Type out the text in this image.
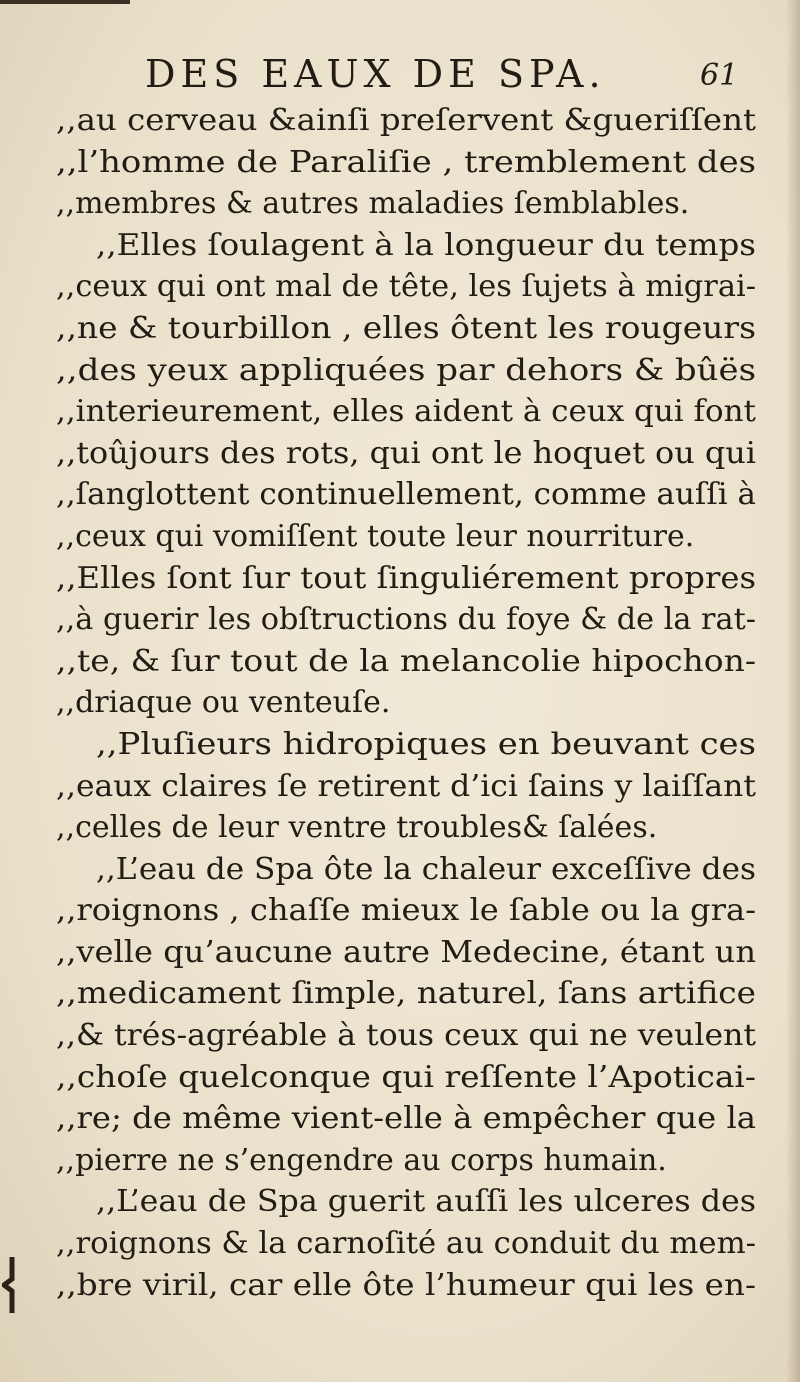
DES EAUX DE SPA.	61
,,au cerveau &ainſi preſervent &gueriſſent
,,l’homme de Paraliſie , tremblement des
,,membres & autres maladies ſemblables.
,,Elles ſoulagent à la longueur du temps
,,ceux qui ont mal de tête, les ſujets à migrai-
,,ne & tourbillon , elles ôtent les rougeurs
,,des yeux appliquées par dehors & bûës
,,interieurement, elles aident à ceux qui font
,,toûjours des rots, qui ont le hoquet ou qui
,,ſanglottent continuellement, comme auſſi à
,,ceux qui vomiſſent toute leur nourriture.
,,Elles ſont ſur tout ſinguliérement propres
,,à guerir les obſtructions du foye & de la rat-
,,te, & ſur tout de la melancolie hipochon-
,,driaque ou venteuſe.
,,Pluſieurs hidropiques en beuvant ces
,,eaux claires ſe retirent d’ici ſains y laiſſant
,,celles de leur ventre troubles& ſalées.
,,L’eau de Spa ôte la chaleur exceſſive des
,,roignons , chaſſe mieux le ſable ou la gra-
,,velle qu’aucune autre Medecine, étant un
,,medicament ſimple, naturel, ſans artifice
,,& trés-agréable à tous ceux qui ne veulent
,,choſe quelconque qui reſſente l’Apoticai-
,,re; de même vient-elle à empêcher que la
,,pierre ne s’engendre au corps humain.
,,L’eau de Spa guerit auſſi les ulceres des
,,roignons & la carnoſité au conduit du mem-
,,bre viril, car elle ôte l’humeur qui les en-
